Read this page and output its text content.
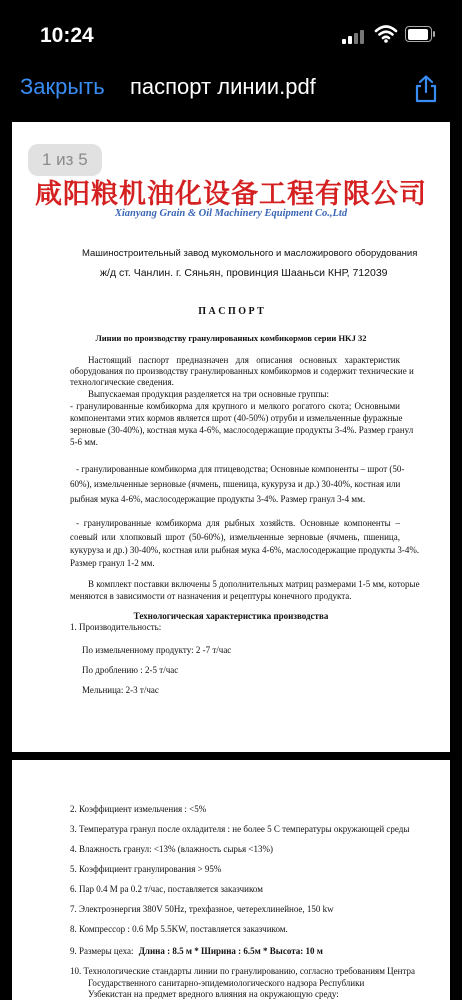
10:24
Закрыть паспорт линии.pdf
咸阳粮机油化设备工程有限公司
Xianyang Grain & Oil Machinery Equipment Co.,Ltd
Машиностроительный завод мукомольного и масложирового оборудования
ж/д ст. Чанлин. г. Сяньян, провинция Шааньси КНР, 712039
П А С П О Р Т
Линии по производству гранулированных комбикормов серии HKJ 32
Настоящий паспорт предназначен для описания основных характеристик
оборудования по производству гранулированных комбикормов и содержит технические и
технологические сведения.
Выпускаемая продукция разделяется на три основные группы:
- гранулированные комбикорма для крупного и мелкого рогатого скота; Основными
компонентами этих кормов является шрот (40-50%) отруби и измельченные фуражные
зерновые (30-40%), костная мука 4-6%, маслосодержащие продукты 3-4%. Размер гранул
5-6 мм.
- гранулированные комбикорма для птицеводства; Основные компоненты – шрот (50-
60%), измельченные зерновые (ячмень, пшеница, кукуруза и др.) 30-40%, костная или
рыбная мука 4-6%, маслосодержащие продукты 3-4%. Размер гранул 3-4 мм.
- гранулированные комбикорма для рыбных хозяйств. Основные компоненты –
соевый или хлопковый шрот (50-60%), измельченные зерновые (ячмень, пшеница,
кукуруза и др.) 30-40%, костная или рыбная мука 4-6%, маслосодержащие продукты 3-4%.
Размер гранул 1-2 мм.
В комплект поставки включены 5 дополнительных матриц размерами 1-5 мм, которые
меняются в зависимости от назначения и рецептуры конечного продукта.
Технологическая характеристика производства
1. Производительность:
По измельченному продукту: 2 -7 т/час
По дроблению : 2-5 т/час
Мельница: 2-3 т/час
1 из 5
2. Коэффициент измельчения : <5%
3. Температура гранул после охладителя : не более 5 С температуры окружающей среды
4. Влажность гранул: <13% (влажность сырья <13%)
5. Коэффициент гранулирования > 95%
6. Пар 0.4 М ра 0.2 т/час, поставляется заказчиком
7. Электроэнергия 380V 50Hz, трехфазное, четерехлинейное, 150 kw
8. Компрессор : 0.6 Mp 5.5KW, поставляется заказчиком.
9. Размеры цеха: Длина : 8.5 м * Ширина : 6.5м * Высота: 10 м
10. Технологические стандарты линии по гранулированию, согласно требованиям Центра
Государственного санитарно-эпидемиологического надзора Республики
Узбекистан на предмет вредного влияния на окружающую среду:
